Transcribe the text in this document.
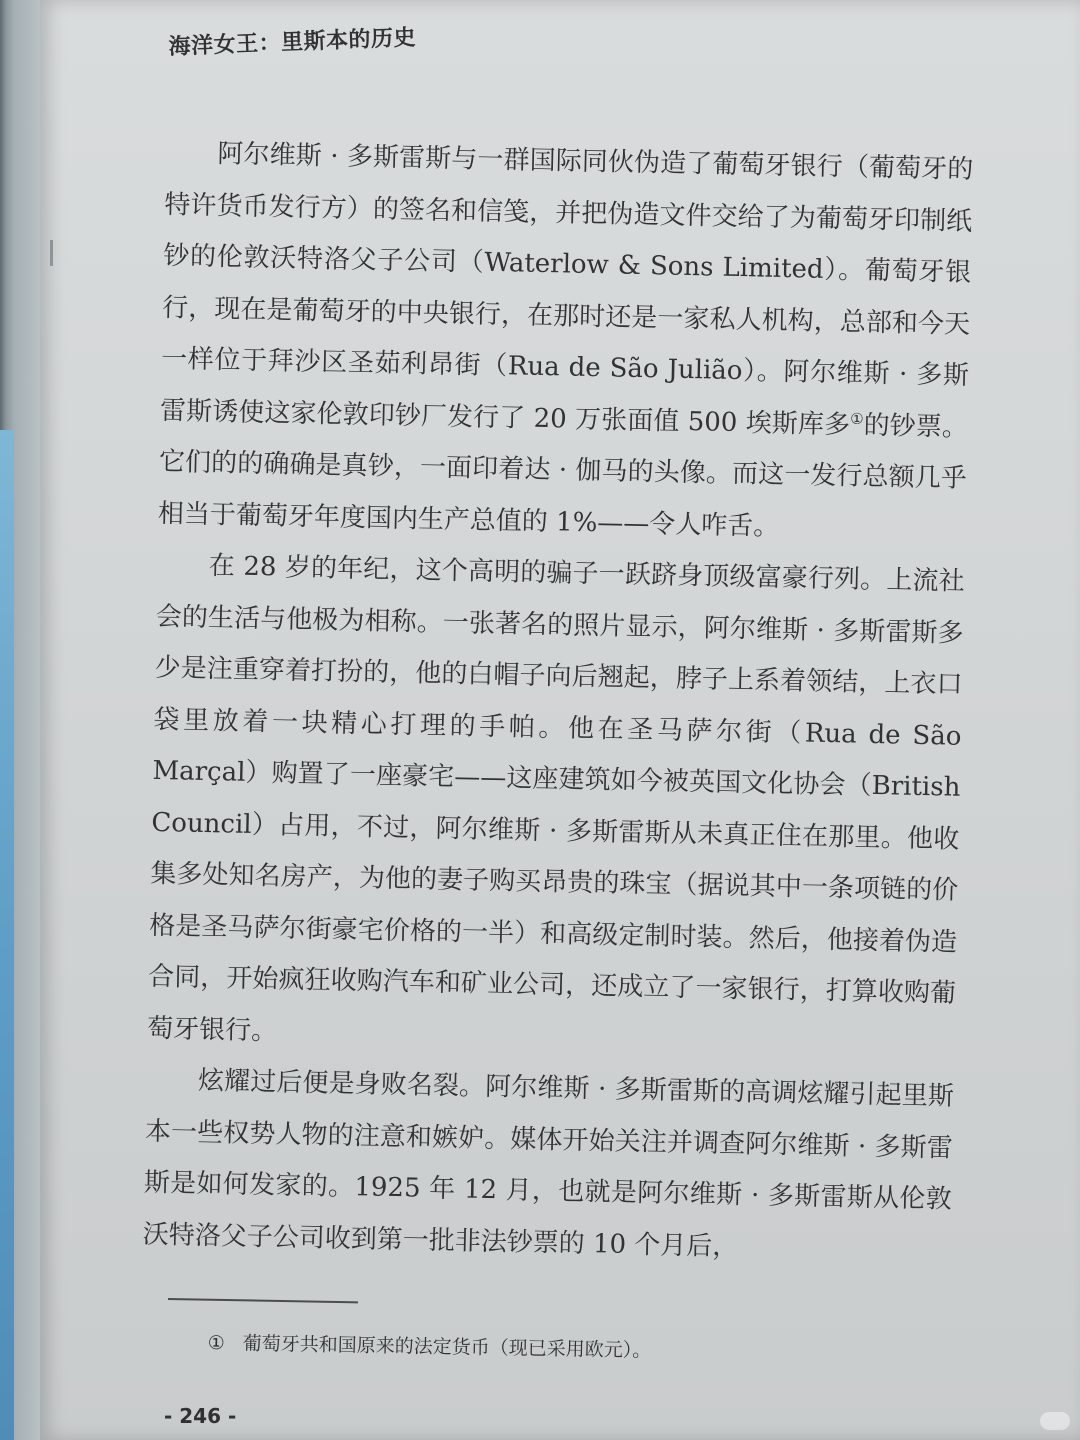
海洋女王：里斯本的历史

阿尔维斯 · 多斯雷斯与一群国际同伙伪造了葡萄牙银行（葡萄牙的特许货币发行方）的签名和信笺，并把伪造文件交给了为葡萄牙印制纸钞的伦敦沃特洛父子公司（Waterlow & Sons Limited）。葡萄牙银行，现在是葡萄牙的中央银行，在那时还是一家私人机构，总部和今天一样位于拜沙区圣茹利昂街（Rua de São Julião）。阿尔维斯 · 多斯雷斯诱使这家伦敦印钞厂发行了 20 万张面值 500 埃斯库多①的钞票。它们的的确确是真钞，一面印着达 · 伽马的头像。而这一发行总额几乎相当于葡萄牙年度国内生产总值的 1%——令人咋舌。

在 28 岁的年纪，这个高明的骗子一跃跻身顶级富豪行列。上流社会的生活与他极为相称。一张著名的照片显示，阿尔维斯 · 多斯雷斯多少是注重穿着打扮的，他的白帽子向后翘起，脖子上系着领结，上衣口袋里放着一块精心打理的手帕。他在圣马萨尔街（Rua de São Marçal）购置了一座豪宅——这座建筑如今被英国文化协会（British Council）占用，不过，阿尔维斯 · 多斯雷斯从未真正住在那里。他收集多处知名房产，为他的妻子购买昂贵的珠宝（据说其中一条项链的价格是圣马萨尔街豪宅价格的一半）和高级定制时装。然后，他接着伪造合同，开始疯狂收购汽车和矿业公司，还成立了一家银行，打算收购葡萄牙银行。

炫耀过后便是身败名裂。阿尔维斯 · 多斯雷斯的高调炫耀引起里斯本一些权势人物的注意和嫉妒。媒体开始关注并调查阿尔维斯 · 多斯雷斯是如何发家的。1925 年 12 月，也就是阿尔维斯 · 多斯雷斯从伦敦沃特洛父子公司收到第一批非法钞票的 10 个月后，

① 葡萄牙共和国原来的法定货币（现已采用欧元）。
- 246 -
